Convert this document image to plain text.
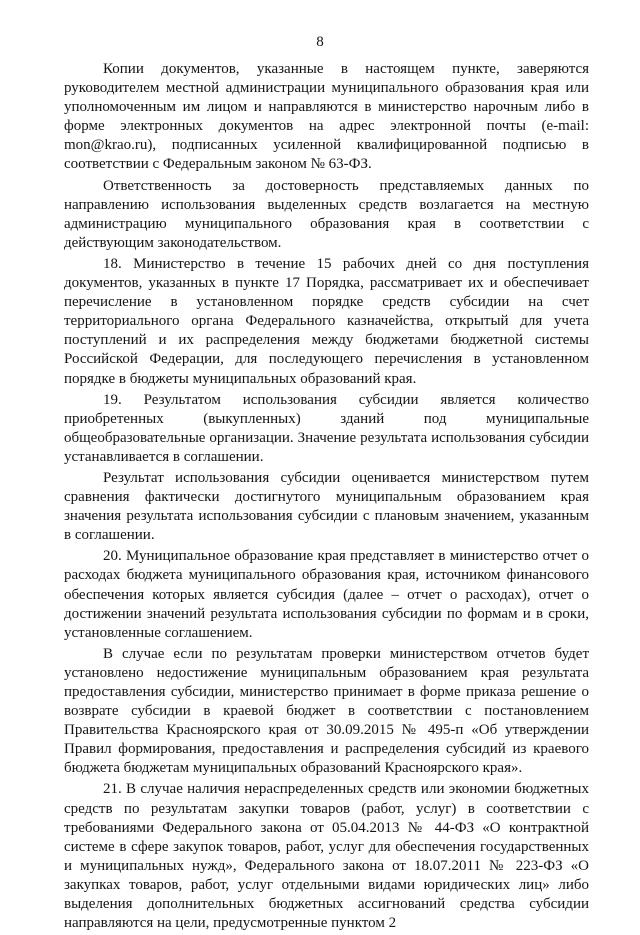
8

Копии документов, указанные в настоящем пункте, заверяются руководителем местной администрации муниципального образования края или уполномоченным им лицом и направляются в министерство нарочным либо в форме электронных документов на адрес электронной почты (e-mail: mon@krao.ru), подписанных усиленной квалифицированной подписью в соответствии с Федеральным законом № 63-ФЗ.

Ответственность за достоверность представляемых данных по направлению использования выделенных средств возлагается на местную администрацию муниципального образования края в соответствии с действующим законодательством.

18. Министерство в течение 15 рабочих дней со дня поступления документов, указанных в пункте 17 Порядка, рассматривает их и обеспечивает перечисление в установленном порядке средств субсидии на счет территориального органа Федерального казначейства, открытый для учета поступлений и их распределения между бюджетами бюджетной системы Российской Федерации, для последующего перечисления в установленном порядке в бюджеты муниципальных образований края.

19. Результатом использования субсидии является количество приобретенных (выкупленных) зданий под муниципальные общеобразовательные организации. Значение результата использования субсидии устанавливается в соглашении.

Результат использования субсидии оценивается министерством путем сравнения фактически достигнутого муниципальным образованием края значения результата использования субсидии с плановым значением, указанным в соглашении.

20. Муниципальное образование края представляет в министерство отчет о расходах бюджета муниципального образования края, источником финансового обеспечения которых является субсидия (далее – отчет о расходах), отчет о достижении значений результата использования субсидии по формам и в сроки, установленные соглашением.

В случае если по результатам проверки министерством отчетов будет установлено недостижение муниципальным образованием края результата предоставления субсидии, министерство принимает в форме приказа решение о возврате субсидии в краевой бюджет в соответствии с постановлением Правительства Красноярского края от 30.09.2015 № 495-п «Об утверждении Правил формирования, предоставления и распределения субсидий из краевого бюджета бюджетам муниципальных образований Красноярского края».

21. В случае наличия нераспределенных средств или экономии бюджетных средств по результатам закупки товаров (работ, услуг) в соответствии с требованиями Федерального закона от 05.04.2013 № 44-ФЗ «О контрактной системе в сфере закупок товаров, работ, услуг для обеспечения государственных и муниципальных нужд», Федерального закона от 18.07.2011 № 223-ФЗ «О закупках товаров, работ, услуг отдельными видами юридических лиц» либо выделения дополнительных бюджетных ассигнований средства субсидии направляются на цели, предусмотренные пунктом 2
